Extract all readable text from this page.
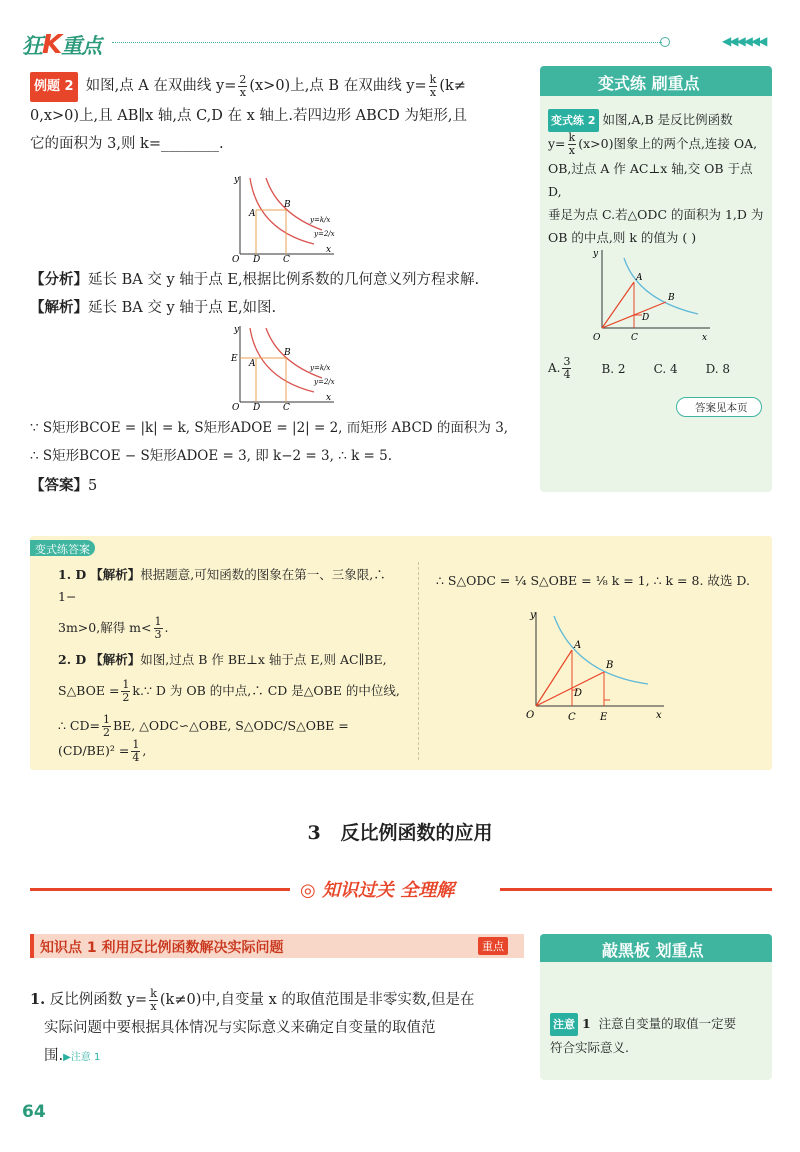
狂K重点	◀◀◀◀◀◀
例题 2 如图,点 A 在双曲线 $y= \frac{2}{x} (x>0)$上,点 B 在双曲线 $y= \frac{k}{x} (k\ne$
0,x>0)上,且 AB∥x 轴,点 C,D 在 x 轴上.若四边形 ABCD 为矩形,且
它的面积为 3,则 k=________.
y
x
O
A
B
D	C
y=k/x
y=2/x
【分析】延长 BA 交 y 轴于点 E,根据比例系数的几何意义列方程求解.
【解析】延长 BA 交 y 轴于点 E,如图.
y
x
O
E A
B
D	C
y=k/x
y=2/x
∵ S矩形BCOE = |k| = k, S矩形ADOE = |2| = 2, 而矩形 ABCD 的面积为 3,
∴ S矩形BCOE − S矩形ADOE = 3, 即 k−2 = 3, ∴ k = 5.
【答案】5
变式练 刷重点
变式练 2 如图,A,B 是反比例函数
$y= \frac{k}{x} (x>0)$图象上的两个点,连接 OA,
OB,过点 A 作 AC⊥x 轴,交 OB 于点 D,
垂足为点 C.若△ODC 的面积为 1,D 为
OB 的中点,则 k 的值为 ( )
y
x
O
A
B
D
C
A. $\frac{3}{4}$	B. 2 C. 4 D. 8
答案见本页
变式练答案
1. D 【解析】根据题意,可知函数的图象在第一、三象限,∴ 1−
3m>0,解得 $m< \frac{1}{3}$ .
2. D 【解析】如图,过点 B 作 BE⊥x 轴于点 E,则 AC∥BE,
S△BOE = $\frac{1}{2}$ k.∵ D 为 OB 的中点,∴ CD 是△OBE 的中位线,
∴ $CD= \frac{1}{2}$ BE, △ODC∽△OBE, S△ODC/S△OBE = $(CD/BE)^2 = \frac{1}{4}$ ,
∴ S△ODC = ¼ S△OBE = ⅛ k = 1, ∴ k = 8. 故选 D.
y
x
O
A
B
D
C E
3 反比例函数的应用
◎ 知识过关 全理解
知识点 1 利用反比例函数解决实际问题	重点
1. 反比例函数 $y= \frac{k}{x} (k\ne 0)$中,自变量 x 的取值范围是非零实数,但是在
实际问题中要根据具体情况与实际意义来确定自变量的取值范
围.▶注意 1
敲黑板 划重点
注意 1 注意自变量的取值一定要
符合实际意义.
64
